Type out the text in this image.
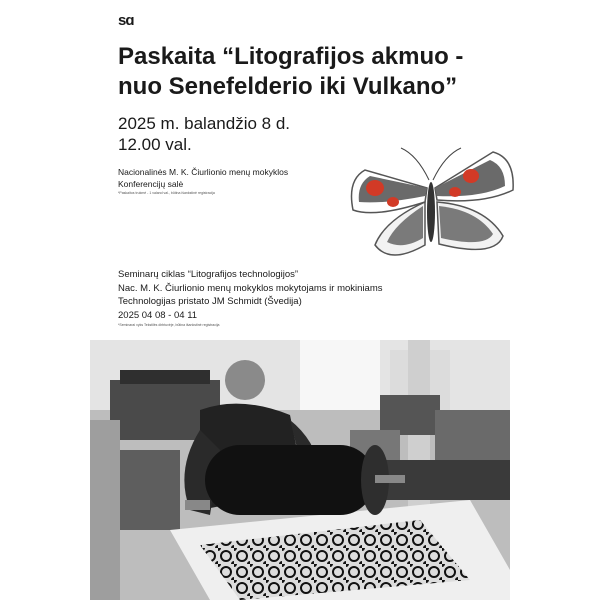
sɑ
Paskaita “Litografijos akmuo -
nuo Senefelderio iki Vulkano”
2025 m. balandžio 8 d.
12.00 val.
Nacionalinės M. K. Čiurlionio menų mokyklos
Konferencijų salė
*Paskaitos trukmė - 1 valand val., būtina išankstinė registracija
Seminarų ciklas “Litografijos technologijos”
Nac. M. K. Čiurlionio menų mokyklos mokytojams ir mokiniams
Technologijas pristato JM Schmidt (Švedija)
2025 04 08 - 04 11
*Seminarai vyks Tekstilės dirbtuvėje, būtina išankstinė registracija
